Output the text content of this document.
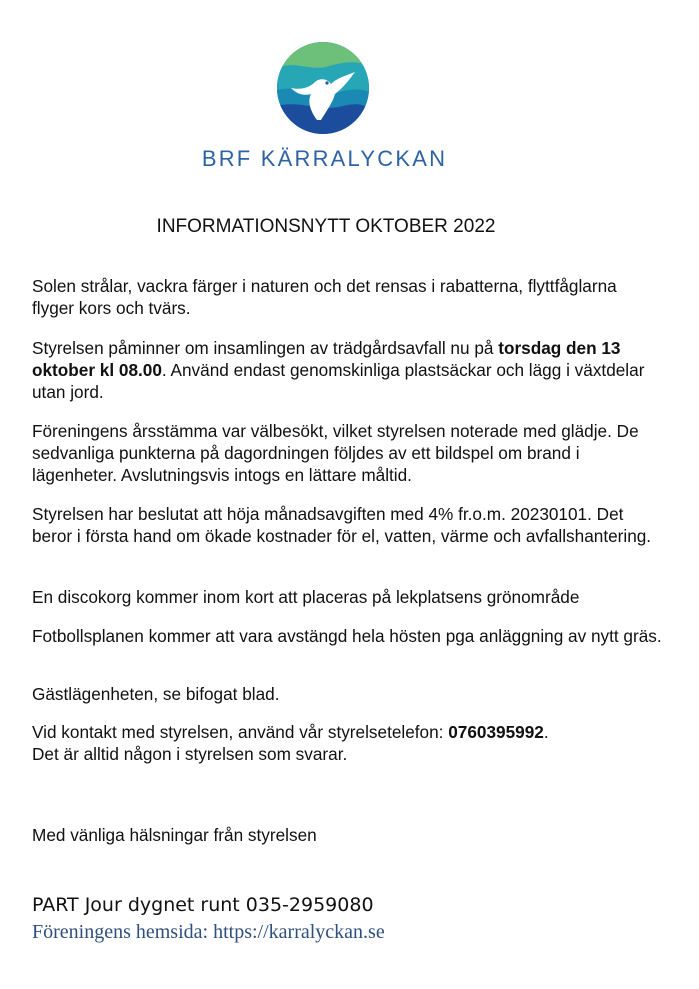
BRF KÄRRALYCKAN
INFORMATIONSNYTT OKTOBER 2022
Solen strålar, vackra färger i naturen och det rensas i rabatterna, flyttfåglarna flyger kors och tvärs.
Styrelsen påminner om insamlingen av trädgårdsavfall nu på torsdag den 13 oktober kl 08.00. Använd endast genomskinliga plastsäckar och lägg i växtdelar utan jord.
Föreningens årsstämma var välbesökt, vilket styrelsen noterade med glädje. De sedvanliga punkterna på dagordningen följdes av ett bildspel om brand i lägenheter. Avslutningsvis intogs en lättare måltid.
Styrelsen har beslutat att höja månadsavgiften med 4% fr.o.m. 20230101. Det beror i första hand om ökade kostnader för el, vatten, värme och avfallshantering.
En discokorg kommer inom kort att placeras på lekplatsens grönområde
Fotbollsplanen kommer att vara avstängd hela hösten pga anläggning av nytt gräs.
Gästlägenheten, se bifogat blad.
Vid kontakt med styrelsen, använd vår styrelsetelefon: 0760395992.
Det är alltid någon i styrelsen som svarar.
Med vänliga hälsningar från styrelsen
PART Jour dygnet runt 035-2959080
Föreningens hemsida: https://karralyckan.se
